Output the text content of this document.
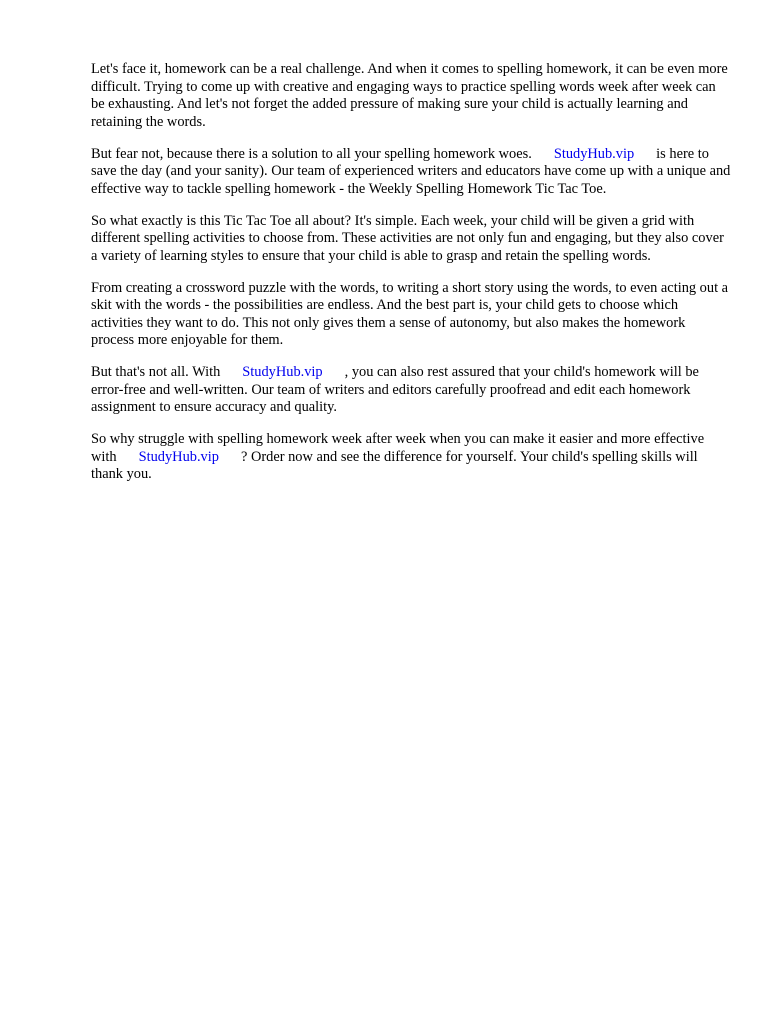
Let's face it, homework can be a real challenge. And when it comes to spelling homework, it can be even more difficult. Trying to come up with creative and engaging ways to practice spelling words week after week can be exhausting. And let's not forget the added pressure of making sure your child is actually learning and retaining the words.

But fear not, because there is a solution to all your spelling homework woes. StudyHub.vip is here to save the day (and your sanity). Our team of experienced writers and educators have come up with a unique and effective way to tackle spelling homework - the Weekly Spelling Homework Tic Tac Toe.

So what exactly is this Tic Tac Toe all about? It's simple. Each week, your child will be given a grid with different spelling activities to choose from. These activities are not only fun and engaging, but they also cover a variety of learning styles to ensure that your child is able to grasp and retain the spelling words.

From creating a crossword puzzle with the words, to writing a short story using the words, to even acting out a skit with the words - the possibilities are endless. And the best part is, your child gets to choose which activities they want to do. This not only gives them a sense of autonomy, but also makes the homework process more enjoyable for them.

But that's not all. With StudyHub.vip , you can also rest assured that your child's homework will be error-free and well-written. Our team of writers and editors carefully proofread and edit each homework assignment to ensure accuracy and quality.

So why struggle with spelling homework week after week when you can make it easier and more effective with StudyHub.vip ? Order now and see the difference for yourself. Your child's spelling skills will thank you.
